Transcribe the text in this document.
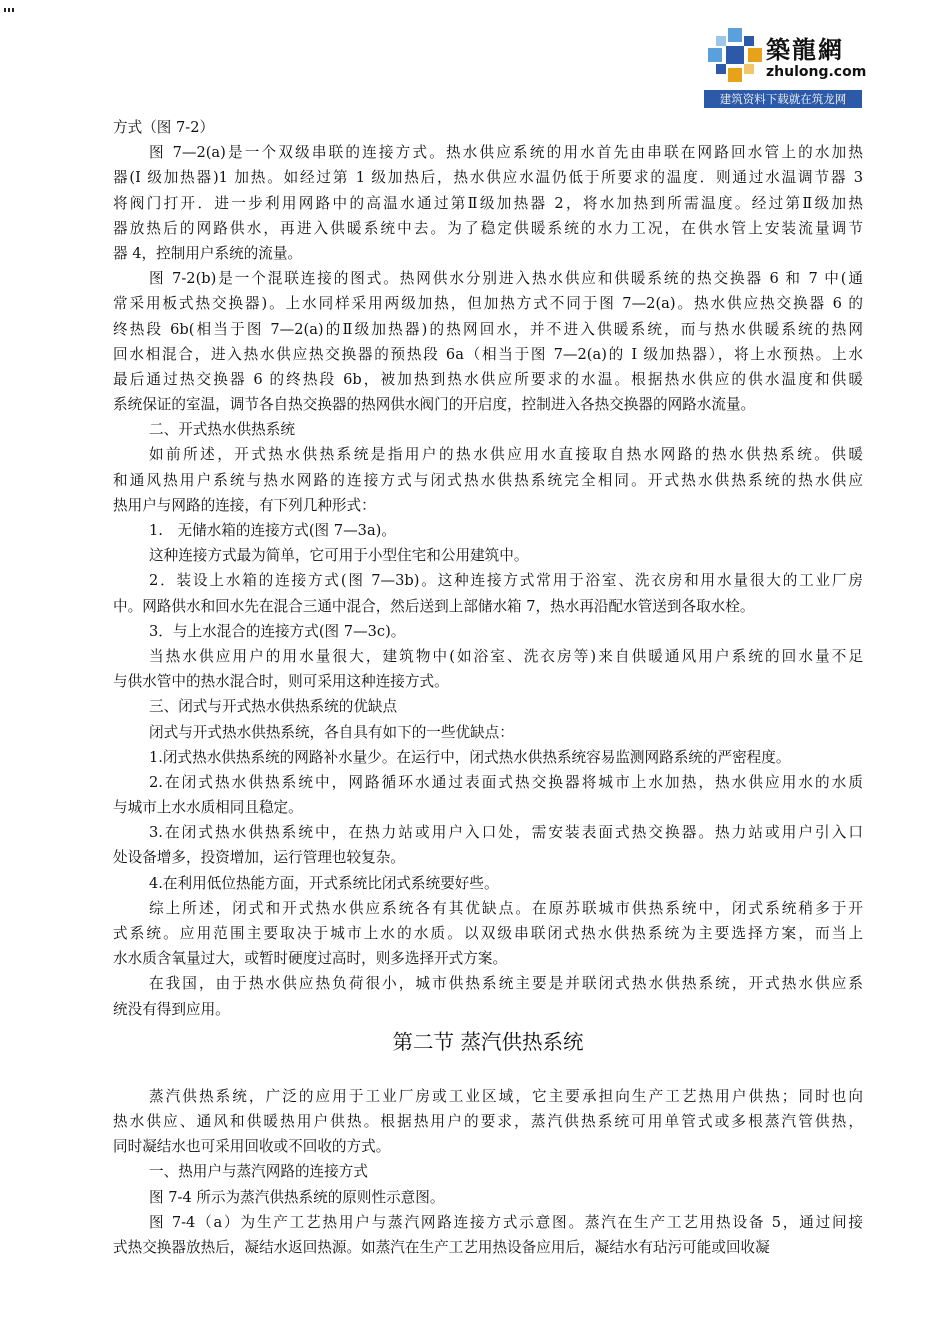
築龍網
zhulong.com
建筑资料下载就在筑龙网
方式（图 7-2）
图 7—2(a)是一个双级串联的连接方式。热水供应系统的用水首先由串联在网路回水管上的水加热
器(I 级加热器)1 加热。如经过第 1 级加热后，热水供应水温仍低于所要求的温度．则通过水温调节器 3
将阀门打开．进一步利用网路中的高温水通过第Ⅱ级加热器 2，将水加热到所需温度。经过第Ⅱ级加热
器放热后的网路供水，再进入供暖系统中去。为了稳定供暖系统的水力工况，在供水管上安装流量调节
器 4，控制用户系统的流量。
图 7-2(b)是一个混联连接的图式。热网供水分别进入热水供应和供暖系统的热交换器 6 和 7 中(通
常采用板式热交换器)。上水同样采用两级加热，但加热方式不同于图 7—2(a)。热水供应热交换器 6 的
终热段 6b(相当于图 7—2(a)的Ⅱ级加热器)的热网回水，并不进入供暖系统，而与热水供暖系统的热网
回水相混合，进入热水供应热交换器的预热段 6a（相当于图 7—2(a)的 I 级加热器），将上水预热。上水
最后通过热交换器 6 的终热段 6b，被加热到热水供应所要求的水温。根据热水供应的供水温度和供暖
系统保证的室温，调节各自热交换器的热网供水阀门的开启度，控制进入各热交换器的网路水流量。
二、开式热水供热系统
如前所述，开式热水供热系统是指用户的热水供应用水直接取自热水网路的热水供热系统。供暖
和通风热用户系统与热水网路的连接方式与闭式热水供热系统完全相同。开式热水供热系统的热水供应
热用户与网路的连接，有下列几种形式：
1.　无储水箱的连接方式(图 7—3a)。
这种连接方式最为简单，它可用于小型住宅和公用建筑中。
2．装设上水箱的连接方式(图 7—3b)。这种连接方式常用于浴室、洗衣房和用水量很大的工业厂房
中。网路供水和回水先在混合三通中混合，然后送到上部储水箱 7，热水再沿配水管送到各取水栓。
3．与上水混合的连接方式(图 7—3c)。
当热水供应用户的用水量很大，建筑物中(如浴室、洗衣房等)来自供暖通风用户系统的回水量不足
与供水管中的热水混合时，则可采用这种连接方式。
三、闭式与开式热水供热系统的优缺点
闭式与开式热水供热系统，各自具有如下的一些优缺点：
1.闭式热水供热系统的网路补水量少。在运行中，闭式热水供热系统容易监测网路系统的严密程度。
2.在闭式热水供热系统中，网路循环水通过表面式热交换器将城市上水加热，热水供应用水的水质
与城市上水水质相同且稳定。
3.在闭式热水供热系统中，在热力站或用户入口处，需安装表面式热交换器。热力站或用户引入口
处设备增多，投资增加，运行管理也较复杂。
4.在利用低位热能方面，开式系统比闭式系统要好些。
综上所述，闭式和开式热水供应系统各有其优缺点。在原苏联城市供热系统中，闭式系统稍多于开
式系统。应用范围主要取决于城市上水的水质。以双级串联闭式热水供热系统为主要选择方案，而当上
水水质含氧量过大，或暂时硬度过高时，则多选择开式方案。
在我国，由于热水供应热负荷很小，城市供热系统主要是并联闭式热水供热系统，开式热水供应系
统没有得到应用。
第二节 蒸汽供热系统
蒸汽供热系统，广泛的应用于工业厂房或工业区域，它主要承担向生产工艺热用户供热；同时也向
热水供应、通风和供暖热用户供热。根据热用户的要求，蒸汽供热系统可用单管式或多根蒸汽管供热，
同时凝结水也可采用回收或不回收的方式。
一、热用户与蒸汽网路的连接方式
图 7-4 所示为蒸汽供热系统的原则性示意图。
图 7-4（a）为生产工艺热用户与蒸汽网路连接方式示意图。蒸汽在生产工艺用热设备 5，通过间接
式热交换器放热后，凝结水返回热源。如蒸汽在生产工艺用热设备应用后，凝结水有玷污可能或回收凝
